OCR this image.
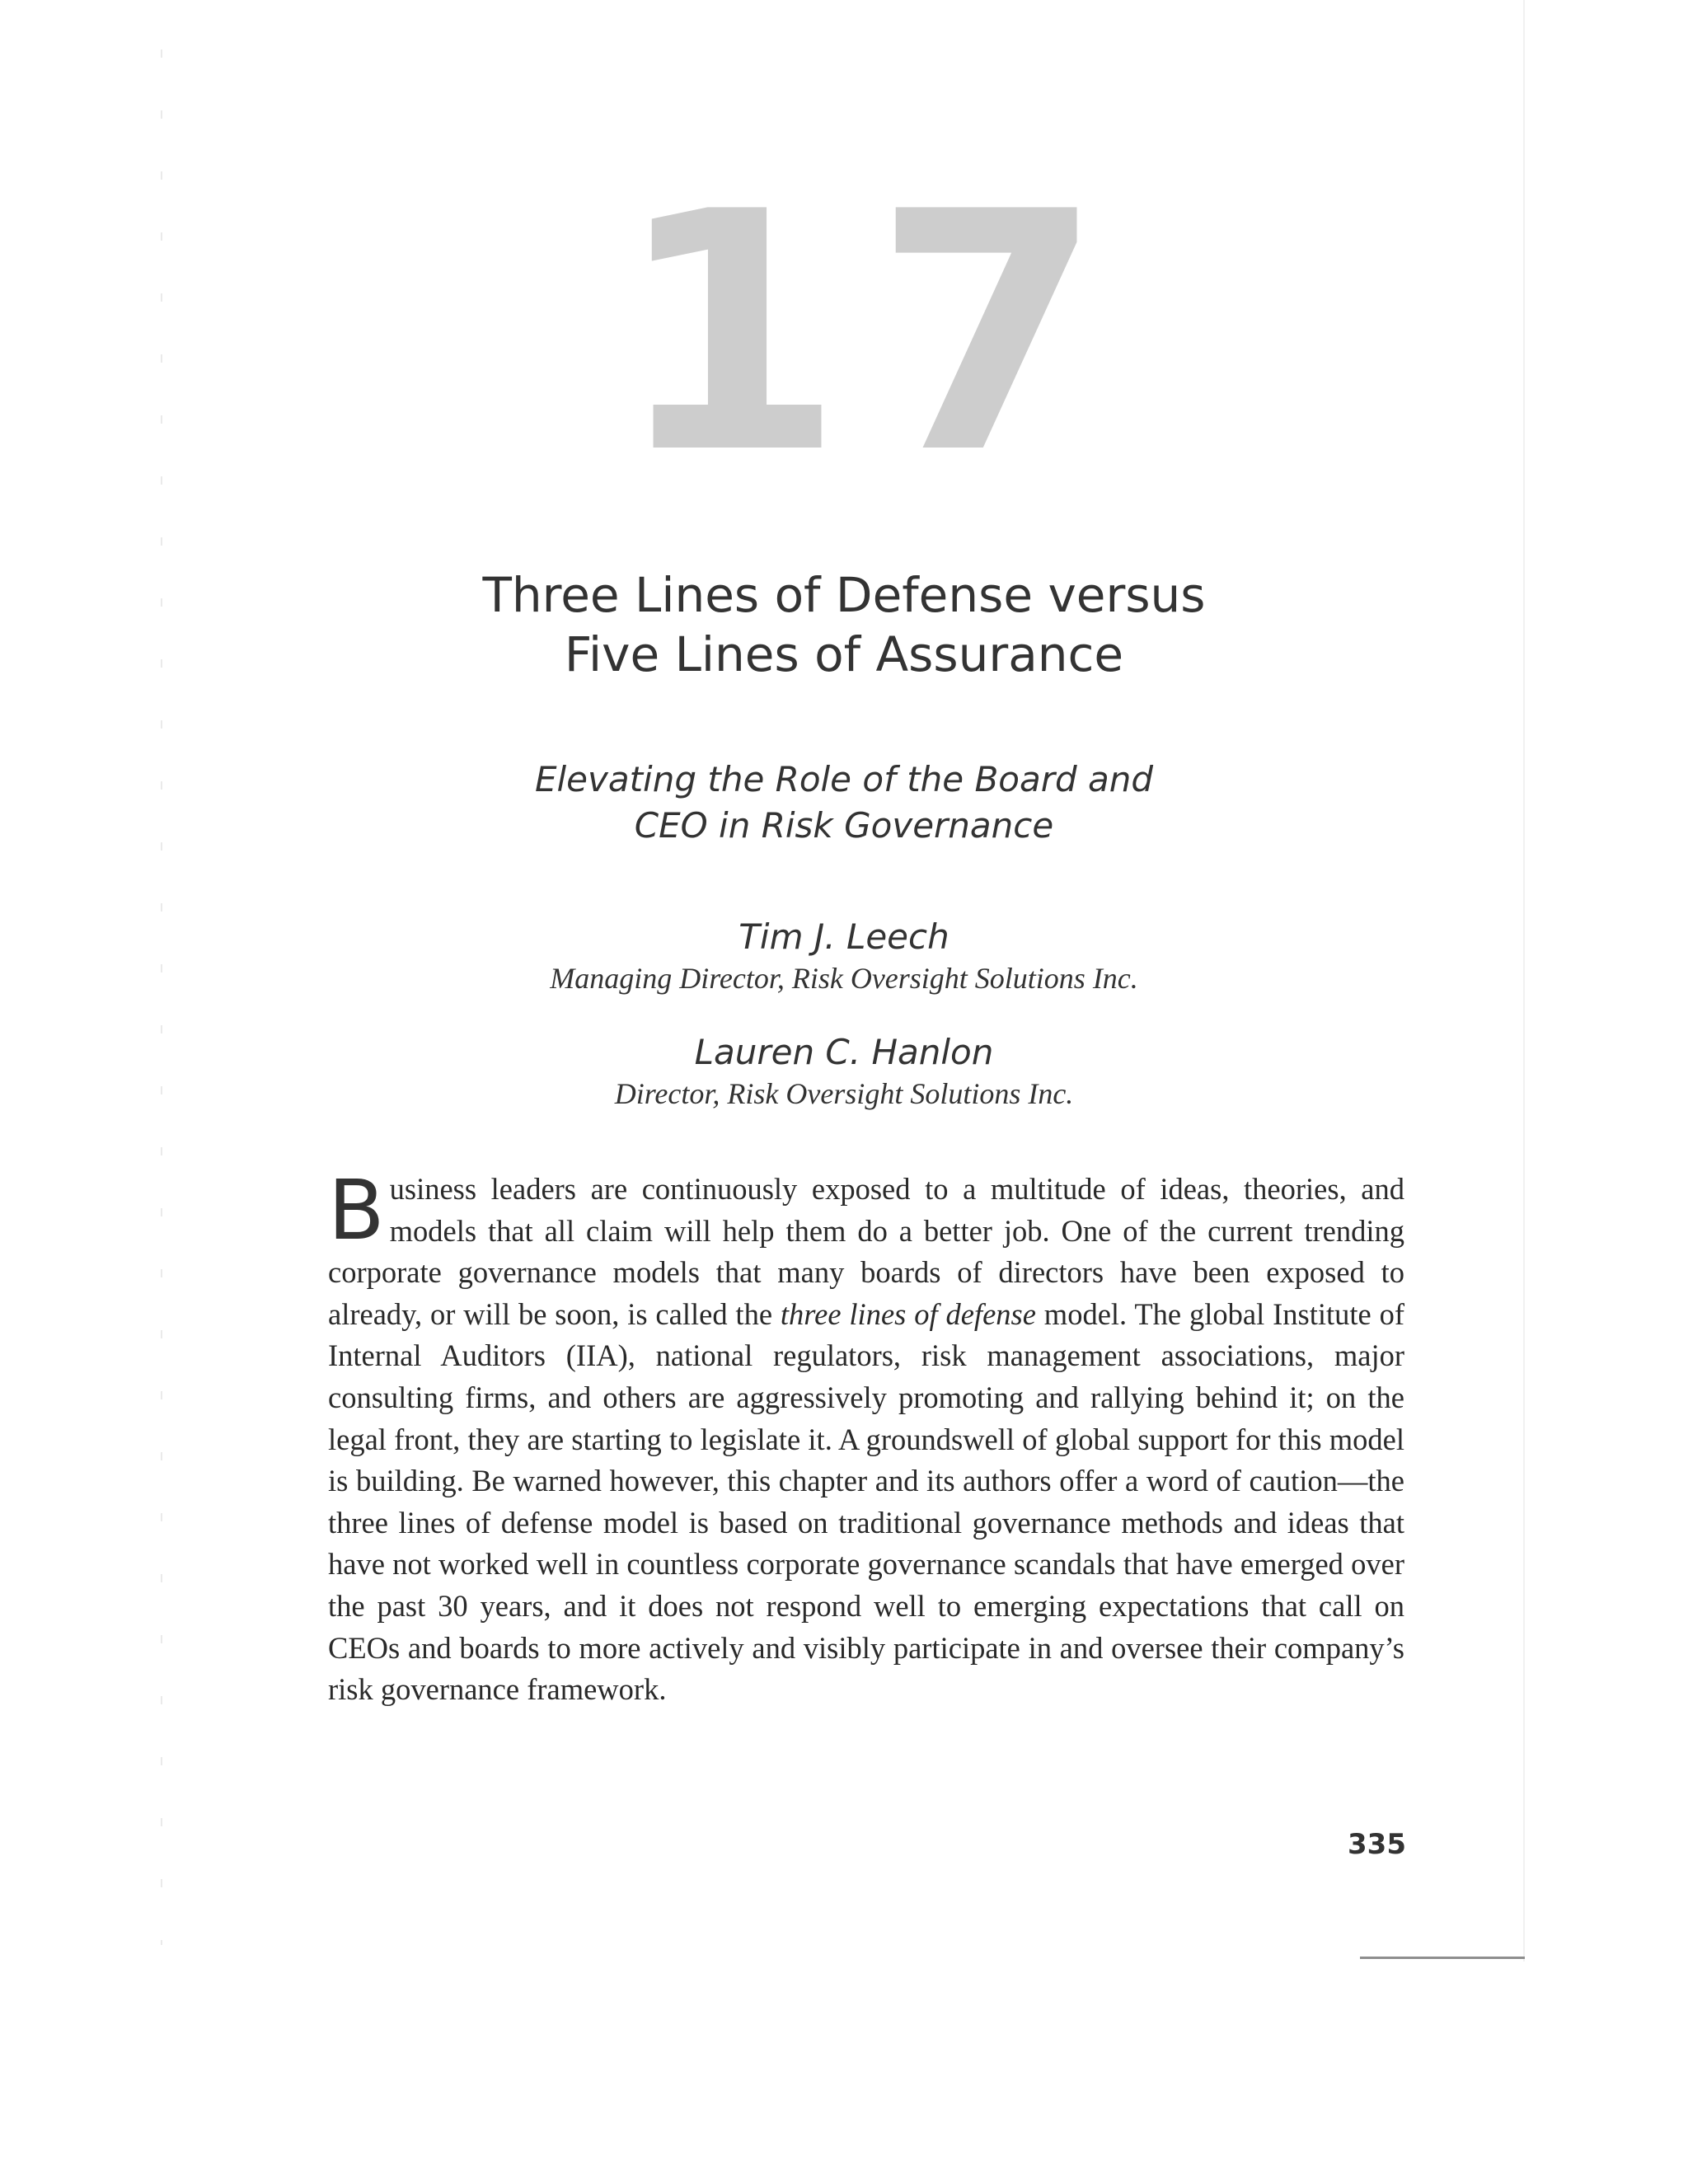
17
Three Lines of Defense versus
Five Lines of Assurance
Elevating the Role of the Board and
CEO in Risk Governance
Tim J. Leech
Managing Director, Risk Oversight Solutions Inc.
Lauren C. Hanlon
Director, Risk Oversight Solutions Inc.
Business leaders are continuously exposed to a multitude of ideas, theories, and models that all claim will help them do a better job. One of the current trending corporate governance models that many boards of directors have been exposed to already, or will be soon, is called the three lines of defense model. The global Institute of Internal Auditors (IIA), national regulators, risk management associations, major consulting firms, and others are aggressively promoting and rallying behind it; on the legal front, they are starting to legislate it. A groundswell of global support for this model is building. Be warned however, this chapter and its authors offer a word of caution—the three lines of defense model is based on traditional governance methods and ideas that have not worked well in countless corporate governance scandals that have emerged over the past 30 years, and it does not respond well to emerging expectations that call on CEOs and boards to more actively and visibly participate in and oversee their company’s risk governance framework.
335
